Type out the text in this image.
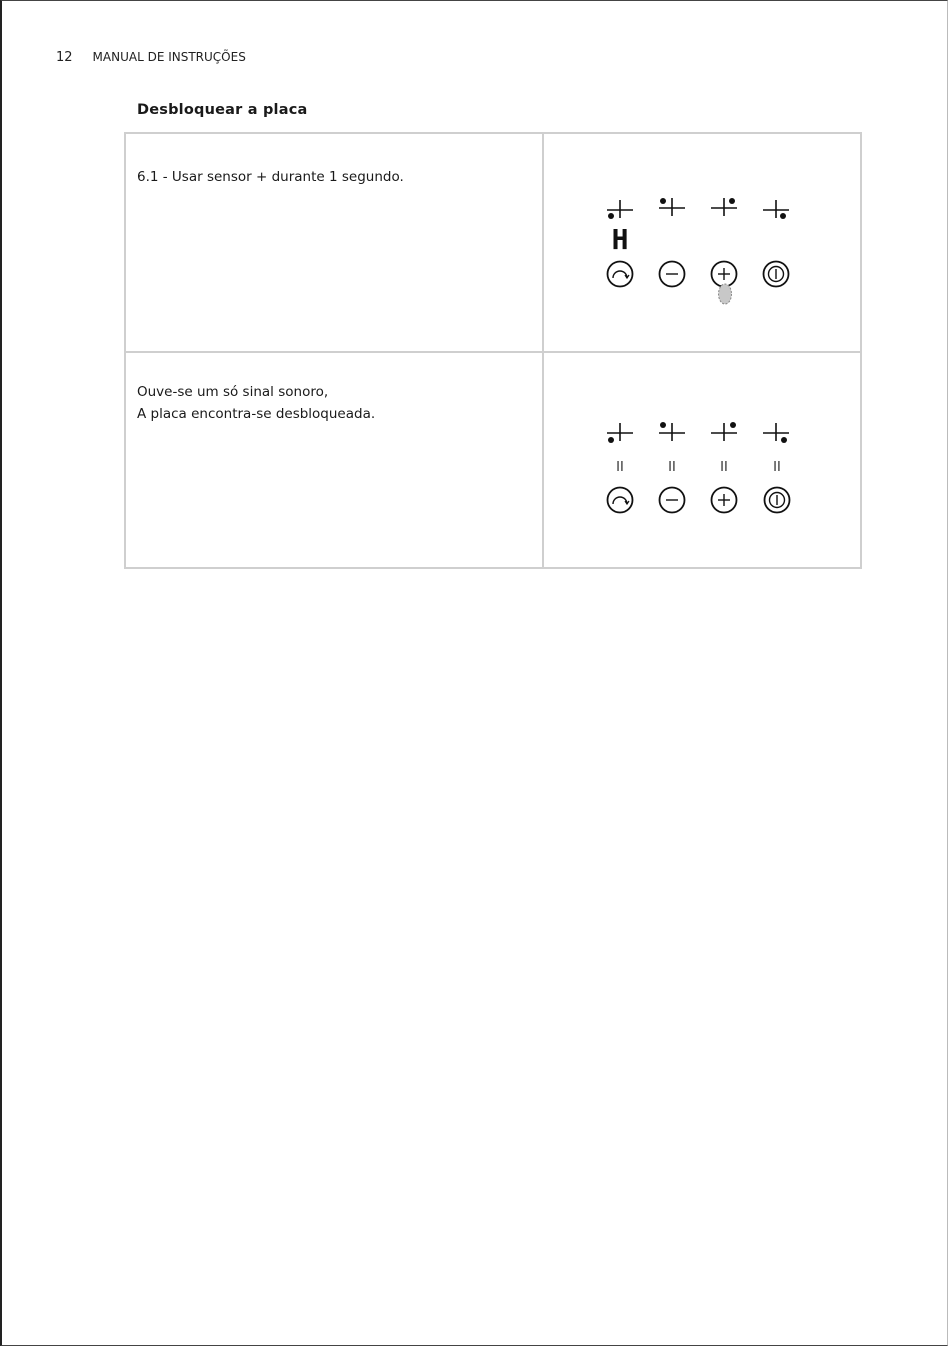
12 MANUAL DE INSTRUÇÕES
Desbloquear a placa
6.1 - Usar sensor + durante 1 segundo.
H
Ouve-se um só sinal sonoro,
A placa encontra-se desbloqueada.
II	II	II	II
